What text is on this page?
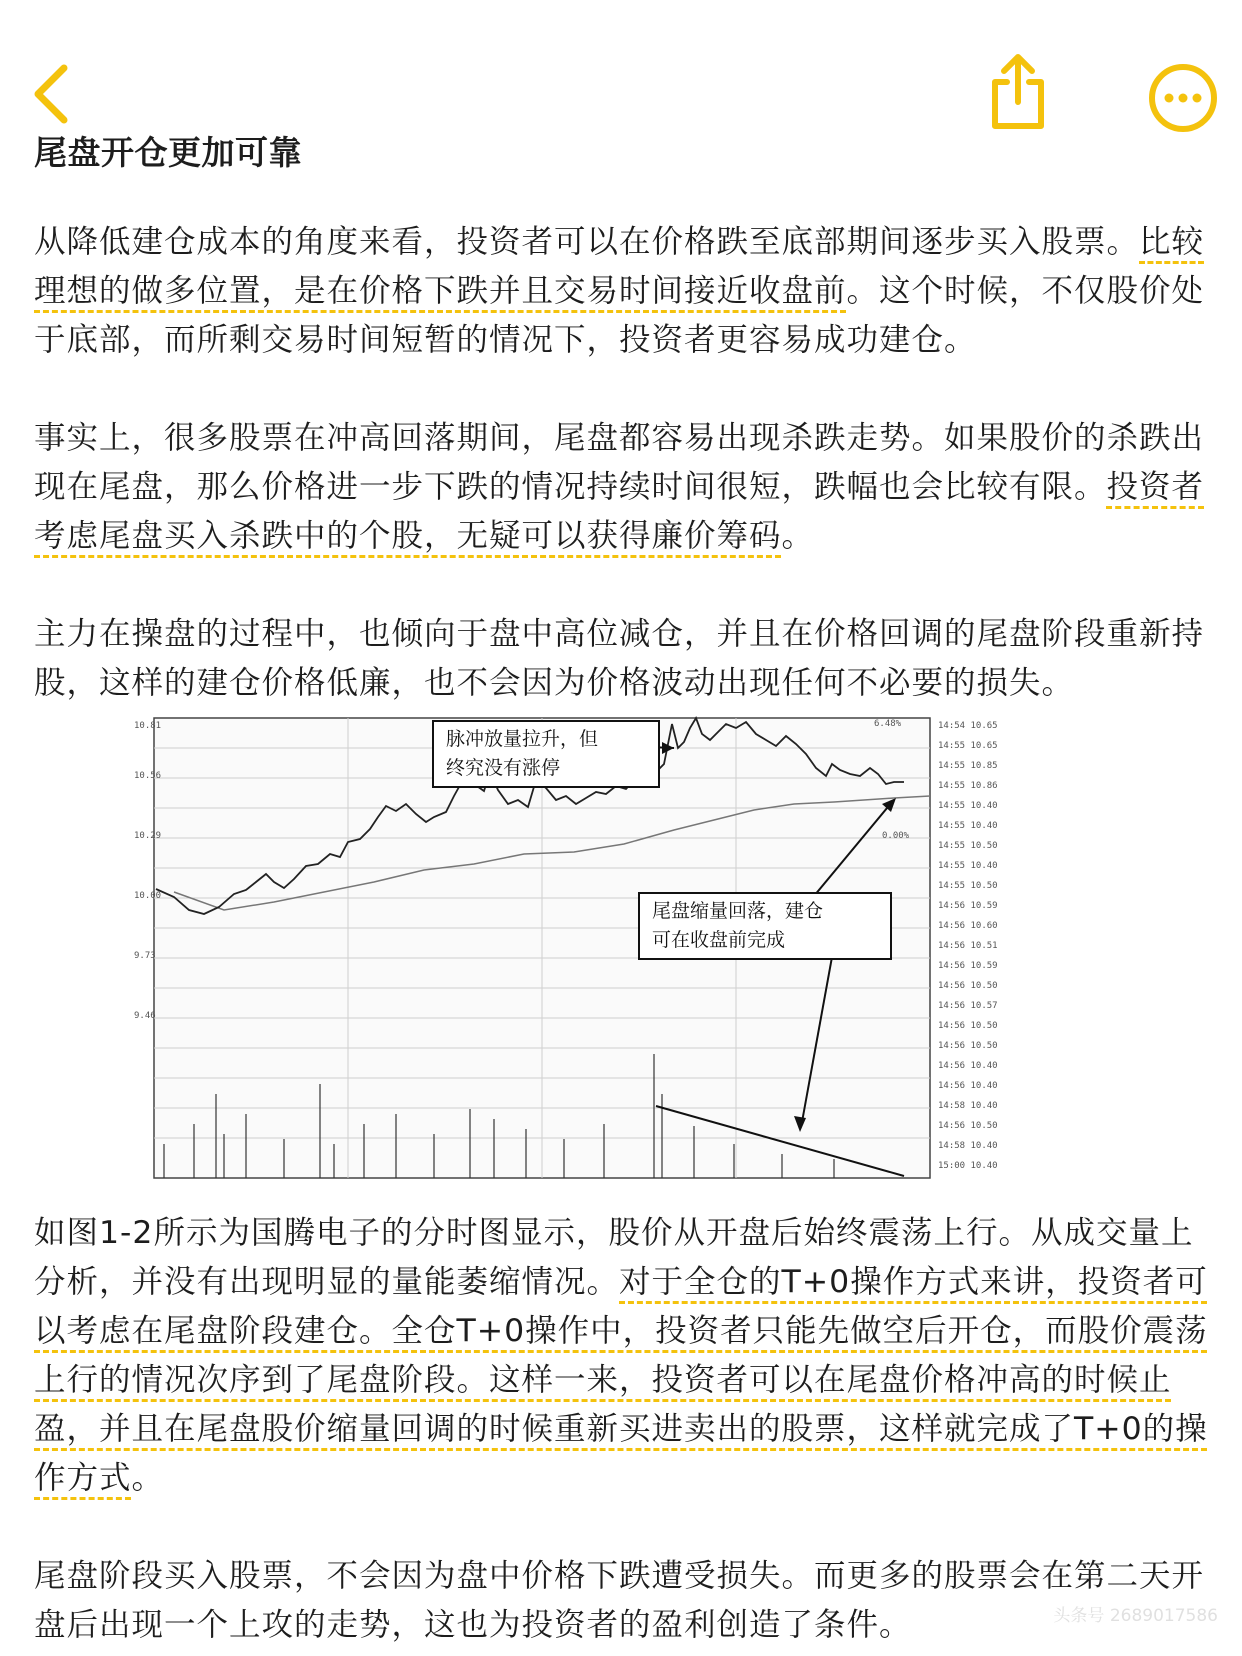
尾盘开仓更加可靠

从降低建仓成本的角度来看，投资者可以在价格跌至底部期间逐步买入股票。比较理想的做多位置，是在价格下跌并且交易时间接近收盘前。这个时候，不仅股价处于底部，而所剩交易时间短暂的情况下，投资者更容易成功建仓。

事实上，很多股票在冲高回落期间，尾盘都容易出现杀跌走势。如果股价的杀跌出现在尾盘，那么价格进一步下跌的情况持续时间很短，跌幅也会比较有限。投资者考虑尾盘买入杀跌中的个股，无疑可以获得廉价筹码。

主力在操盘的过程中，也倾向于盘中高位减仓，并且在价格回调的尾盘阶段重新持股，这样的建仓价格低廉，也不会因为价格波动出现任何不必要的损失。

14:54 10.65
14:55 10.65
14:55 10.85
14:55 10.86
14:55 10.40
14:55 10.40
14:55 10.50
14:55 10.40
14:55 10.50
14:56 10.59
14:56 10.60
14:56 10.51
14:56 10.59
14:56 10.50
14:56 10.57
14:56 10.50
14:56 10.50
14:56 10.40
14:56 10.40
14:58 10.40
14:56 10.50
14:58 10.40
15:00 10.40
10.81
10.56
10.29
10.00
9.73
9.46
6.48%
0.00%
脉冲放量拉升，但
终究没有涨停
尾盘缩量回落，建仓
可在收盘前完成

如图1-2所示为国腾电子的分时图显示，股价从开盘后始终震荡上行。从成交量上分析，并没有出现明显的量能萎缩情况。对于全仓的T+0操作方式来讲，投资者可以考虑在尾盘阶段建仓。全仓T+0操作中，投资者只能先做空后开仓，而股价震荡上行的情况次序到了尾盘阶段。这样一来，投资者可以在尾盘价格冲高的时候止盈，并且在尾盘股价缩量回调的时候重新买进卖出的股票，这样就完成了T+0的操作方式。

尾盘阶段买入股票，不会因为盘中价格下跌遭受损失。而更多的股票会在第二天开盘后出现一个上攻的走势，这也为投资者的盈利创造了条件。	头条号 2689017586
